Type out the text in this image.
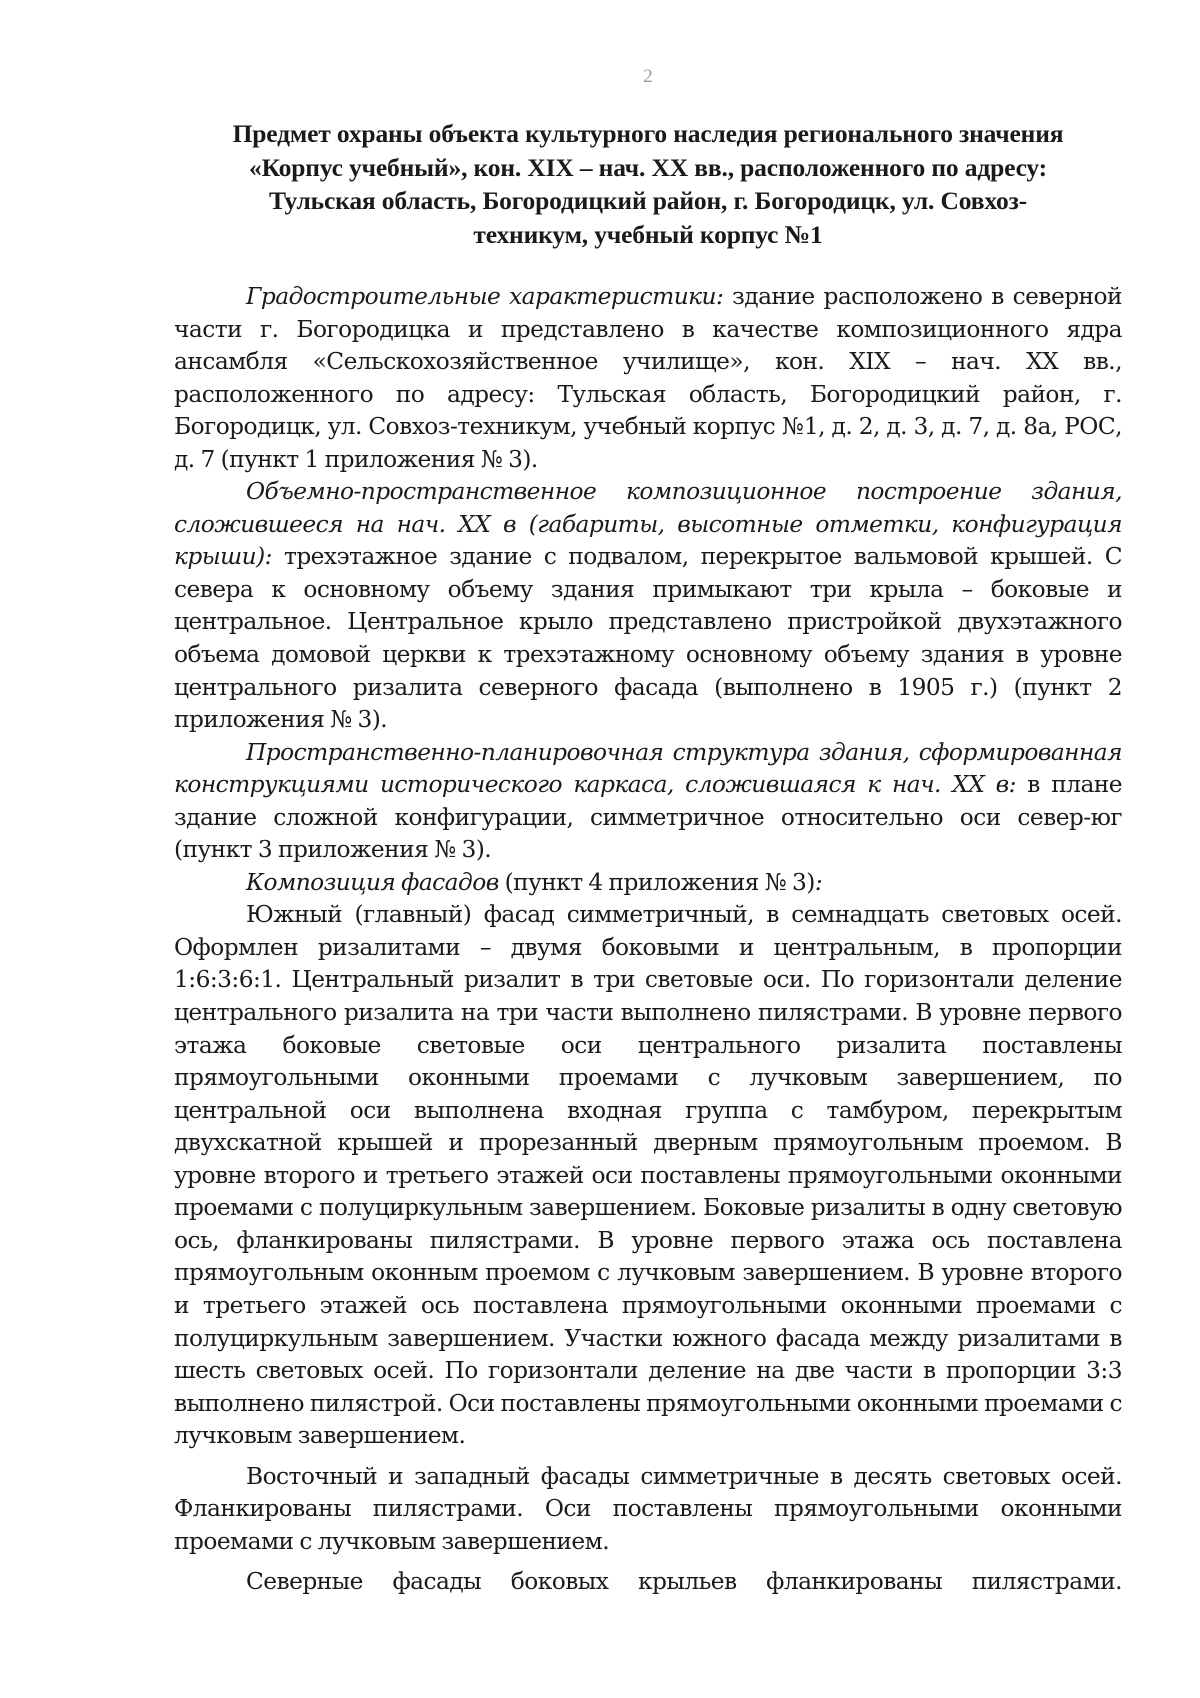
2
Предмет охраны объекта культурного наследия регионального значения
«Корпус учебный», кон. XIX – нач. XX вв., расположенного по адресу:
Тульская область, Богородицкий район, г. Богородицк, ул. Совхоз-
техникум, учебный корпус №1

Градостроительные характеристики: здание расположено в северной части г. Богородицка и представлено в качестве композиционного ядра ансамбля «Сельскохозяйственное училище», кон. XIX – нач. XX вв., расположенного по адресу: Тульская область, Богородицкий район, г. Богородицк, ул. Совхоз-техникум, учебный корпус №1, д. 2, д. 3, д. 7, д. 8а, РОС, д. 7 (пункт 1 приложения № 3).

Объемно-пространственное композиционное построение здания, сложившееся на нач. XX в (габариты, высотные отметки, конфигурация крыши): трехэтажное здание с подвалом, перекрытое вальмовой крышей. С севера к основному объему здания примыкают три крыла – боковые и центральное. Центральное крыло представлено пристройкой двухэтажного объема домовой церкви к трехэтажному основному объему здания в уровне центрального ризалита северного фасада (выполнено в 1905 г.) (пункт 2 приложения № 3).

Пространственно-планировочная структура здания, сформированная конструкциями исторического каркаса, сложившаяся к нач. XX в: в плане здание сложной конфигурации, симметричное относительно оси север-юг (пункт 3 приложения № 3).

Композиция фасадов (пункт 4 приложения № 3):

Южный (главный) фасад симметричный, в семнадцать световых осей. Оформлен ризалитами – двумя боковыми и центральным, в пропорции 1:6:3:6:1. Центральный ризалит в три световые оси. По горизонтали деление центрального ризалита на три части выполнено пилястрами. В уровне первого этажа боковые световые оси центрального ризалита поставлены прямоугольными оконными проемами с лучковым завершением, по центральной оси выполнена входная группа с тамбуром, перекрытым двухскатной крышей и прорезанный дверным прямоугольным проемом. В уровне второго и третьего этажей оси поставлены прямоугольными оконными проемами с полуциркульным завершением. Боковые ризалиты в одну световую ось, фланкированы пилястрами. В уровне первого этажа ось поставлена прямоугольным оконным проемом с лучковым завершением. В уровне второго и третьего этажей ось поставлена прямоугольными оконными проемами с полуциркульным завершением. Участки южного фасада между ризалитами в шесть световых осей. По горизонтали деление на две части в пропорции 3:3 выполнено пилястрой. Оси поставлены прямоугольными оконными проемами с лучковым завершением.

Восточный и западный фасады симметричные в десять световых осей. Фланкированы пилястрами. Оси поставлены прямоугольными оконными проемами с лучковым завершением.

Северные фасады боковых крыльев фланкированы пилястрами.
